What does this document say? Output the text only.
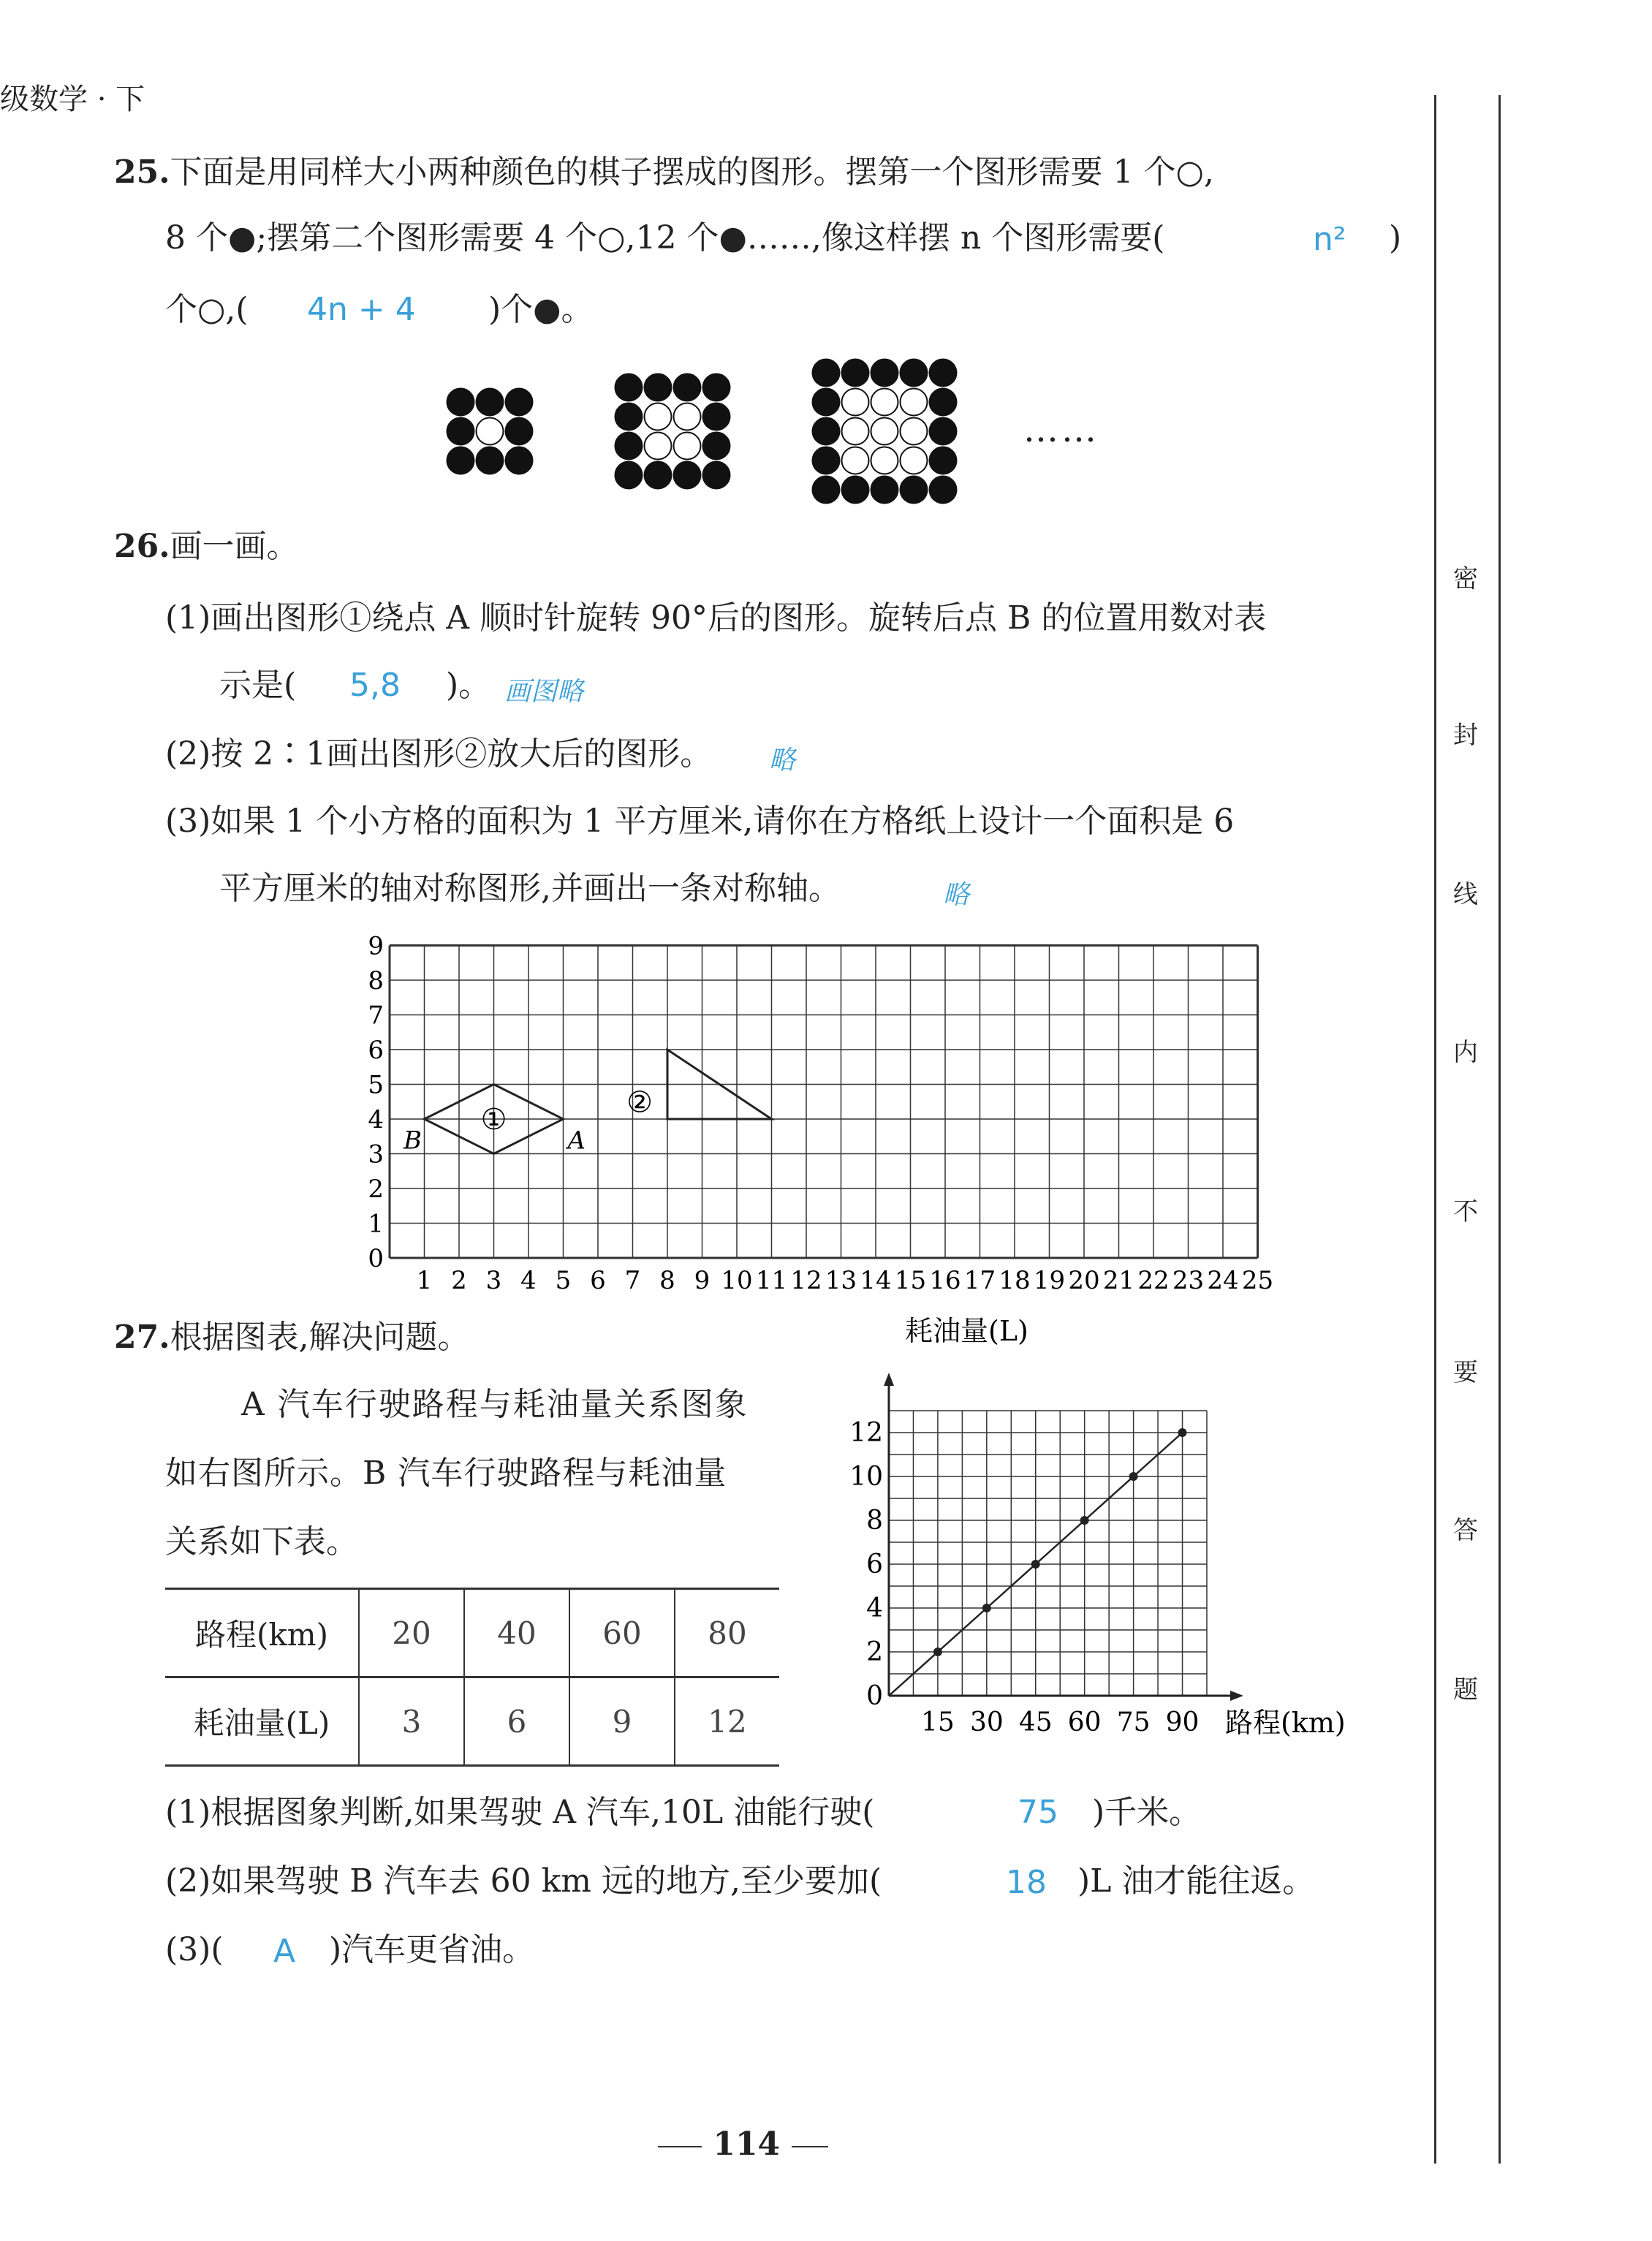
级数学 · 下
25.下面是用同样大小两种颜色的棋子摆成的图形。摆第一个图形需要 1 个○,
8 个●;摆第二个图形需要 4 个○,12 个●……,像这样摆 n 个图形需要(	n² )
个○,( 4n + 4 )个●。
……
26.画一画。
(1)画出图形①绕点 A 顺时针旋转 90°后的图形。旋转后点 B 的位置用数对表
示是( 5,8 )。 画图略
(2)按 2∶1画出图形②放大后的图形。 略
(3)如果 1 个小方格的面积为 1 平方厘米,请你在方格纸上设计一个面积是 6
平方厘米的轴对称图形,并画出一条对称轴。	略
1 2 3 4 5 6 7 8 9 10 11 12 13 14 15 16 17 18 19 20 21 22 23 24 25
0
1
2
3
4
5
6
7
8
9
①
②
A
B
27.根据图表,解决问题。
A 汽车行驶路程与耗油量关系图象
如右图所示。B 汽车行驶路程与耗油量
关系如下表。
路程(km)	20	40	60	80
耗油量(L)	3	6	9	12	15 30 45 60 75 90
0
2
4
6
8
10
12
耗油量(L)
路程(km)
(1)根据图象判断,如果驾驶 A 汽车,10L 油能行驶(	75 )千米。
(2)如果驾驶 B 汽车去 60 km 远的地方,至少要加(	18 )L 油才能往返。
(3)( A )汽车更省油。
114
密
封
线
内
不
要
答
题
